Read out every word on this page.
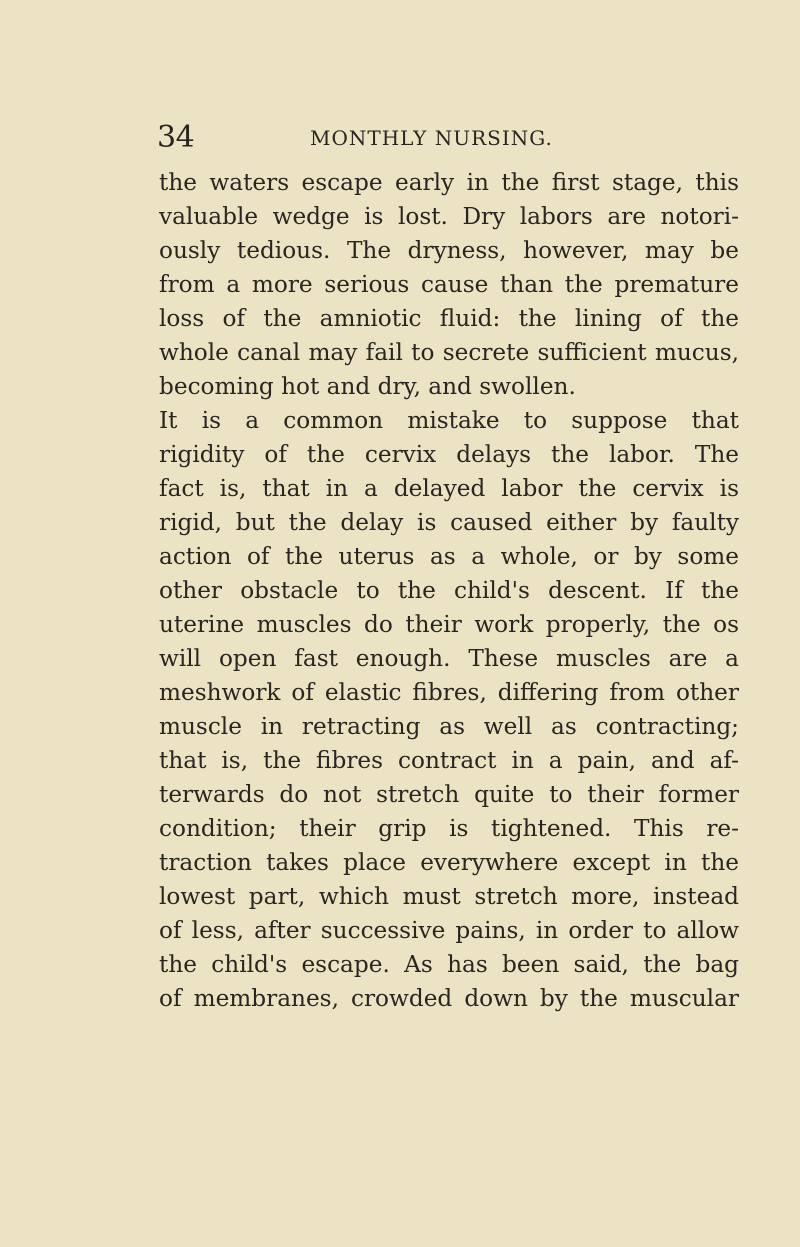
34	MONTHLY NURSING.
the waters escape early in the first stage, this
valuable wedge is lost. Dry labors are notori-
ously tedious. The dryness, however, may be
from a more serious cause than the premature
loss of the amniotic fluid: the lining of the
whole canal may fail to secrete sufficient mucus,
becoming hot and dry, and swollen.
It is a common mistake to suppose that
rigidity of the cervix delays the labor. The
fact is, that in a delayed labor the cervix is
rigid, but the delay is caused either by faulty
action of the uterus as a whole, or by some
other obstacle to the child's descent. If the
uterine muscles do their work properly, the os
will open fast enough. These muscles are a
meshwork of elastic fibres, differing from other
muscle in retracting as well as contracting;
that is, the fibres contract in a pain, and af-
terwards do not stretch quite to their former
condition; their grip is tightened. This re-
traction takes place everywhere except in the
lowest part, which must stretch more, instead
of less, after successive pains, in order to allow
the child's escape. As has been said, the bag
of membranes, crowded down by the muscular
